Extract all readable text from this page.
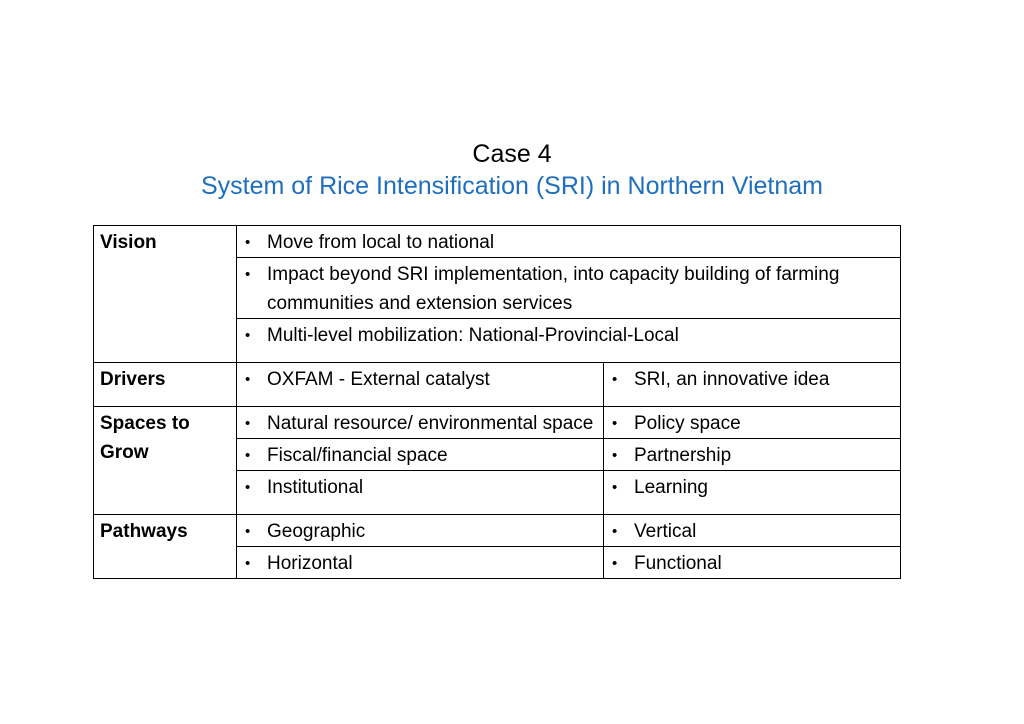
Case 4
System of Rice Intensification (SRI) in Northern Vietnam
Vision	• Move from local to national	

	• Impact beyond SRI implementation, into capacity building of farming communities and extension services	

	• Multi-level mobilization: National-Provincial-Local	

Drivers	• OXFAM - External catalyst	• SRI, an innovative idea

Spaces to Grow	• Natural resource/ environmental space	• Policy space

	• Fiscal/financial space	• Partnership

	• Institutional	• Learning

Pathways	• Geographic	• Vertical

	• Horizontal	• Functional
